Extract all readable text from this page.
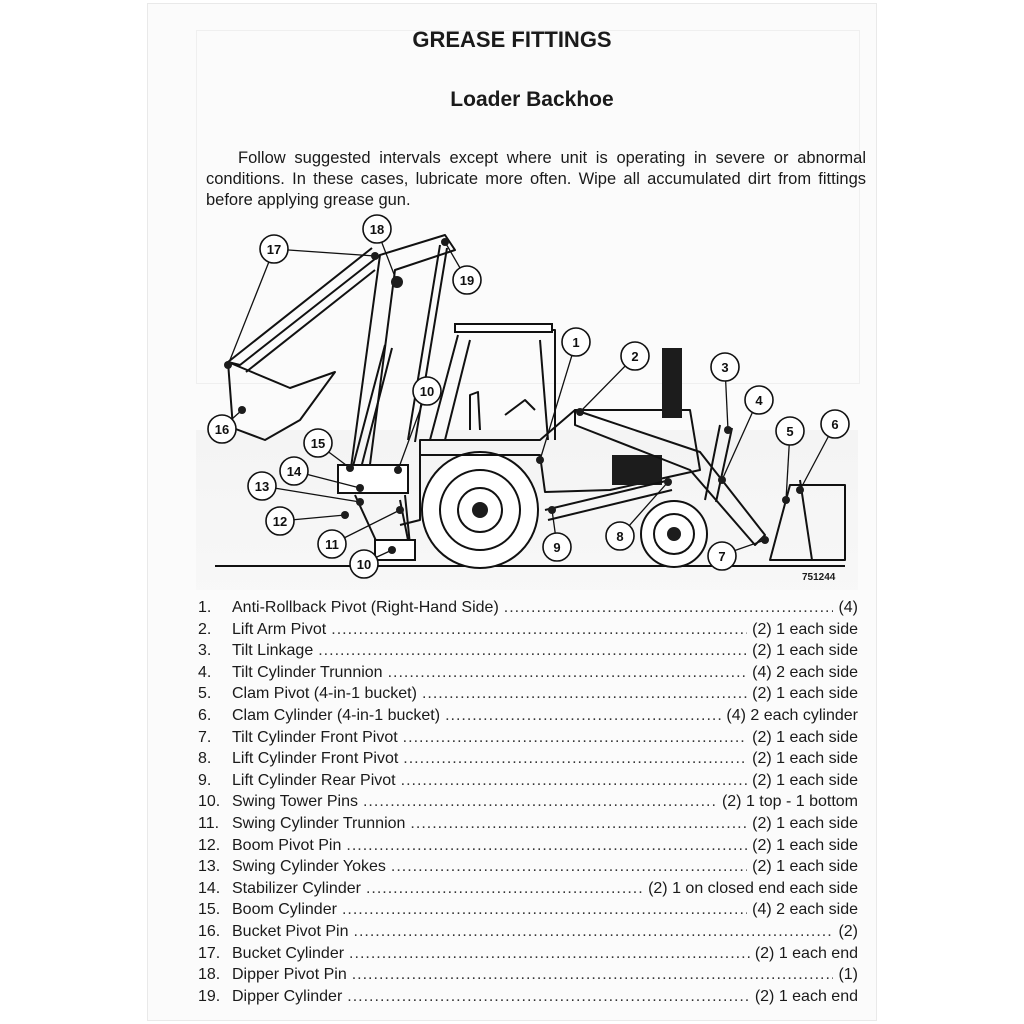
GREASE FITTINGS
Loader Backhoe

Follow suggested intervals except where unit is operating in severe or abnormal conditions. In these cases, lubricate more often. Wipe all accumulated dirt from fittings before applying grease gun.

1
2
3
4
5	6
7
8
9
10
11
12
13
14
15
16
17
18
19
10
751244
1.	Anti-Rollback Pivot (Right-Hand Side) .....	(4)
2.	Lift Arm Pivot .....	(2) 1 each side
3.	Tilt Linkage .....	(2) 1 each side
4.	Tilt Cylinder Trunnion .....	(4) 2 each side
5.	Clam Pivot (4-in-1 bucket) .....	(2) 1 each side
6.	Clam Cylinder (4-in-1 bucket) .....	(4) 2 each cylinder
7.	Tilt Cylinder Front Pivot .....	(2) 1 each side
8.	Lift Cylinder Front Pivot .....	(2) 1 each side
9.	Lift Cylinder Rear Pivot .....	(2) 1 each side
10. Swing Tower Pins .....	(2) 1 top - 1 bottom
11. Swing Cylinder Trunnion .....	(2) 1 each side
12. Boom Pivot Pin .....	(2) 1 each side
13. Swing Cylinder Yokes .....	(2) 1 each side
14. Stabilizer Cylinder .....	(2) 1 on closed end each side
15. Boom Cylinder .....	(4) 2 each side
16. Bucket Pivot Pin .....	(2)
17. Bucket Cylinder .....	(2) 1 each end
18. Dipper Pivot Pin .....	(1)
19. Dipper Cylinder .....	(2) 1 each end
